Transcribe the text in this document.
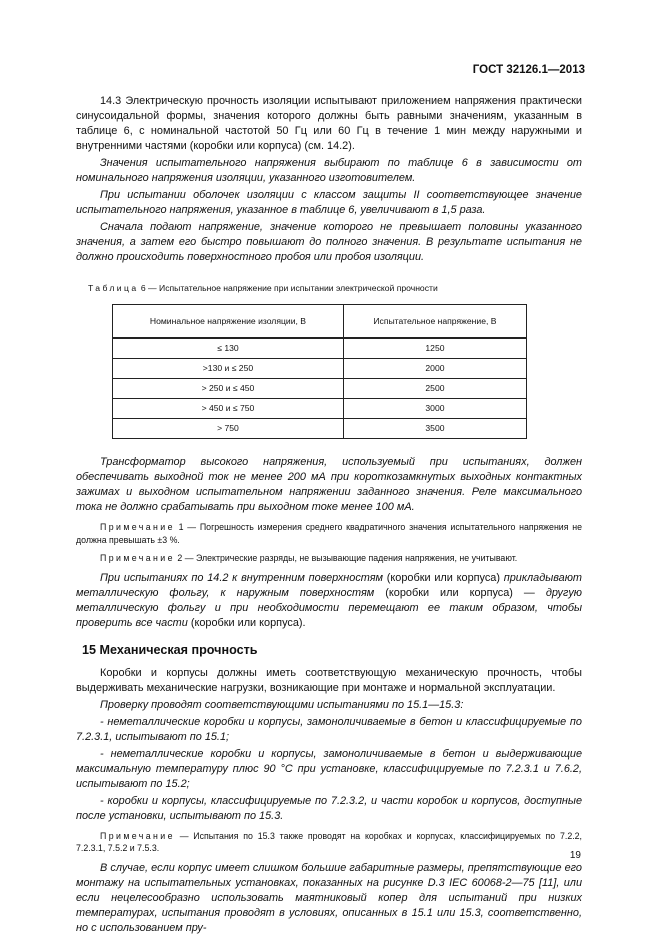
ГОСТ 32126.1—2013

14.3 Электрическую прочность изоляции испытывают приложением напряжения практически синусоидальной формы, значения которого должны быть равными значениям, указанным в таблице 6, с номинальной частотой 50 Гц или 60 Гц в течение 1 мин между наружными и внутренними частями (коробки или корпуса) (см. 14.2).

Значения испытательного напряжения выбирают по таблице 6 в зависимости от номинального напряжения изоляции, указанного изготовителем.

При испытании оболочек изоляции с классом защиты II соответствующее значение испытательного напряжения, указанное в таблице 6, увеличивают в 1,5 раза.

Сначала подают напряжение, значение которого не превышает половины указанного значения, а затем его быстро повышают до полного значения. В результате испытания не должно происходить поверхностного пробоя или пробоя изоляции.

Таблица 6 — Испытательное напряжение при испытании электрической прочности
Номинальное напряжение изоляции, В	Испытательное напряжение, В
≤ 130	1250
>130 и ≤ 250	2000
> 250 и ≤ 450	2500
> 450 и ≤ 750	3000
> 750	3500

Трансформатор высокого напряжения, используемый при испытаниях, должен обеспечивать выходной ток не менее 200 мА при короткозамкнутых выходных контактных зажимах и выходном испытательном напряжении заданного значения. Реле максимального тока не должно срабатывать при выходном токе менее 100 мА.

Примечание 1 — Погрешность измерения среднего квадратичного значения испытательного напряжения не должна превышать ±3 %.

Примечание 2 — Электрические разряды, не вызывающие падения напряжения, не учитывают.

При испытаниях по 14.2 к внутренним поверхностям (коробки или корпуса) прикладывают металлическую фольгу, к наружным поверхностям (коробки или корпуса) — другую металлическую фольгу и при необходимости перемещают ее таким образом, чтобы проверить все части (коробки или корпуса).

15 Механическая прочность

Коробки и корпусы должны иметь соответствующую механическую прочность, чтобы выдерживать механические нагрузки, возникающие при монтаже и нормальной эксплуатации.

Проверку проводят соответствующими испытаниями по 15.1—15.3:

- неметаллические коробки и корпусы, замоноличиваемые в бетон и классифицируемые по 7.2.3.1, испытывают по 15.1;

- неметаллические коробки и корпусы, замоноличиваемые в бетон и выдерживающие максимальную температуру плюс 90 °C при установке, классифицируемые по 7.2.3.1 и 7.6.2, испытывают по 15.2;

- коробки и корпусы, классифицируемые по 7.2.3.2, и части коробок и корпусов, доступные после установки, испытывают по 15.3.

Примечание — Испытания по 15.3 также проводят на коробках и корпусах, классифицируемых по 7.2.2, 7.2.3.1, 7.5.2 и 7.5.3.

В случае, если корпус имеет слишком большие габаритные размеры, препятствующие его монтажу на испытательных установках, показанных на рисунке D.3 IEC 60068-2—75 [11], или если нецелесообразно использовать маятниковый копер для испытаний при низких температурах, испытания проводят в условиях, описанных в 15.1 или 15.3, соответственно, но с использованием пру-

19
